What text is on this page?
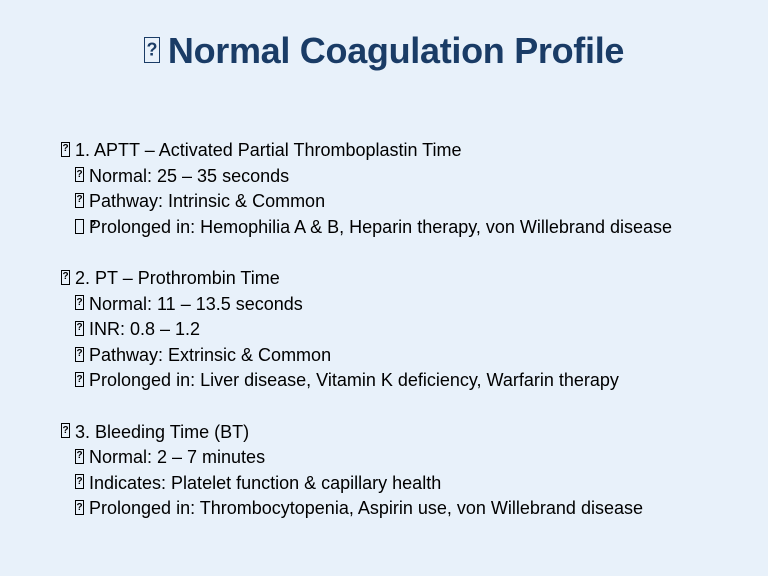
?Normal Coagulation Profile
?1. APTT – Activated Partial Thromboplastin Time
?Normal: 25 – 35 seconds
?Pathway: Intrinsic & Common
?Prolonged in: Hemophilia A & B, Heparin therapy, von Willebrand disease
?2. PT – Prothrombin Time
?Normal: 11 – 13.5 seconds
?INR: 0.8 – 1.2
?Pathway: Extrinsic & Common
?Prolonged in: Liver disease, Vitamin K deficiency, Warfarin therapy
?3. Bleeding Time (BT)
?Normal: 2 – 7 minutes
?Indicates: Platelet function & capillary health
?Prolonged in: Thrombocytopenia, Aspirin use, von Willebrand disease
